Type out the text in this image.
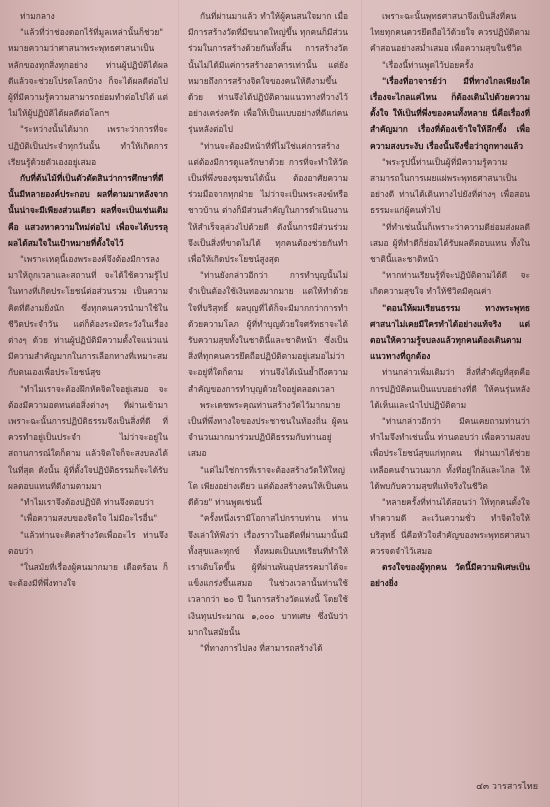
ท่ามกลาง

"แล้วที่ว่าช่องดอกไร้ที่มูลเหล่านั้นก็ช่วย" หมายความว่าศาสนาพระพุทธศาสนาเป็นหลักของทุกสิ่งทุกอย่าง ท่านผู้ปฏิบัติได้ผลดีแล้วจะช่วยโปรดโลกบ้าง ก็จะได้ผลดีต่อไป ผู้ที่มีความรู้ความสามารถย่อมทำต่อไปได้ แต่ไม่ให้ผู้ปฏิบัติได้ผลดีต่อโลกฯ

"ระหว่างนั้นได้มาก เพราะว่าการที่จะปฏิบัติเป็นประจำทุกวันนั้น ทำให้เกิดการเรียนรู้ด้วยตัวเองอยู่เสมอ

กับที่ต้นไม้ที่เป็นตัวตัดสินว่าการศึกษาที่ดีนั้นมีหลายองค์ประกอบ ผลที่ตามมาหลังจากนั้นน่าจะมีเพียงส่วนเดียว ผลที่จะเป็นเช่นเดิม คือ แสวงหาความใหม่ต่อไป เพื่อจะได้บรรลุผลได้สมใจในเป้าหมายที่ตั้งใจไว้

"เพราะเหตุนี้เองพระองค์จึงต้องมีการลงมาให้ถูกเวลาและสถานที่ จะได้ใช้ความรู้ไปในทางที่เกิดประโยชน์ต่อส่วนรวม เป็นความคิดที่ดีงามยิ่งนัก ซึ่งทุกคนควรนำมาใช้ในชีวิตประจำวัน แต่ก็ต้องระมัดระวังในเรื่องต่างๆ ด้วย ท่านผู้ปฏิบัติมีความตั้งใจแน่วแน่ มีความสำคัญมากในการเลือกทางที่เหมาะสมกับตนเองเพื่อประโยชน์สุข

"ทำไมเราจะต้องฝึกหัดจิตใจอยู่เสมอ จะต้องมีความอดทนต่อสิ่งต่างๆ ที่ผ่านเข้ามา เพราะฉะนั้นการปฏิบัติธรรมจึงเป็นสิ่งที่ดี ที่ควรทำอยู่เป็นประจำ ไม่ว่าจะอยู่ในสถานการณ์ใดก็ตาม แล้วจิตใจก็จะสงบลงได้ในที่สุด ดังนั้น ผู้ที่ตั้งใจปฏิบัติธรรมก็จะได้รับผลตอบแทนที่ดีงามตามมา

"ทำไมเราจึงต้องปฏิบัติ ท่านจึงตอบว่า

"เพื่อความสงบของจิตใจ ไม่มีอะไรอื่น"

"แล้วท่านจะคิดสร้างวัดเพื่ออะไร ท่านจึงตอบว่า

"ในสมัยที่เรื่องผู้คนมากมาย เดือดร้อน ก็จะต้องมีที่พึ่งทางใจ

กันที่ผ่านมาแล้ว ทำให้ผู้คนสนใจมาก เมื่อมีการสร้างวัดที่มีขนาดใหญ่ขึ้น ทุกคนก็มีส่วนร่วมในการสร้างด้วยกันทั้งสิ้น การสร้างวัดนั้นไม่ได้มีแค่การสร้างอาคารเท่านั้น แต่ยังหมายถึงการสร้างจิตใจของคนให้ดีงามขึ้นด้วย ท่านจึงได้ปฏิบัติตามแนวทางที่วางไว้อย่างเคร่งครัด เพื่อให้เป็นแบบอย่างที่ดีแก่คนรุ่นหลังต่อไป

"ท่านจะต้องมีหน้าที่ที่ไม่ใช่แค่การสร้าง แต่ต้องมีการดูแลรักษาด้วย การที่จะทำให้วัดเป็นที่พึ่งของชุมชนได้นั้น ต้องอาศัยความร่วมมือจากทุกฝ่าย ไม่ว่าจะเป็นพระสงฆ์หรือชาวบ้าน ต่างก็มีส่วนสำคัญในการดำเนินงานให้สำเร็จลุล่วงไปด้วยดี ดังนั้นการมีส่วนร่วมจึงเป็นสิ่งที่ขาดไม่ได้ ทุกคนต้องช่วยกันทำเพื่อให้เกิดประโยชน์สูงสุด

"ท่านยังกล่าวอีกว่า การทำบุญนั้นไม่จำเป็นต้องใช้เงินทองมากมาย แต่ให้ทำด้วยใจที่บริสุทธิ์ ผลบุญที่ได้ก็จะมีมากกว่าการทำด้วยความโลภ ผู้ที่ทำบุญด้วยใจศรัทธาจะได้รับความสุขทั้งในชาตินี้และชาติหน้า ซึ่งเป็นสิ่งที่ทุกคนควรยึดถือปฏิบัติตามอยู่เสมอไม่ว่าจะอยู่ที่ใดก็ตาม ท่านจึงได้เน้นย้ำถึงความสำคัญของการทำบุญด้วยใจอยู่ตลอดเวลา

พระเดชพระคุณท่านสร้างวัดไว้มากมาย เป็นที่พึ่งทางใจของประชาชนในท้องถิ่น ผู้คนจำนวนมากมาร่วมปฏิบัติธรรมกับท่านอยู่เสมอ

"แต่ไม่ใช่การที่เราจะต้องสร้างวัดให้ใหญ่โต เพียงอย่างเดียว แต่ต้องสร้างคนให้เป็นคนดีด้วย" ท่านพูดเช่นนี้

"ครั้งหนึ่งเรามีโอกาสไปกราบท่าน ท่านจึงเล่าให้ฟังว่า เรื่องราวในอดีตที่ผ่านมานั้นมีทั้งสุขและทุกข์ ทั้งหมดเป็นบทเรียนที่ทำให้เราเติบโตขึ้น ผู้ที่ผ่านพ้นอุปสรรคมาได้จะแข็งแกร่งขึ้นเสมอ ในช่วงเวลานั้นท่านใช้เวลากว่า ๒๐ ปี ในการสร้างวัดแห่งนี้ โดยใช้เงินทุนประมาณ ๑,๐๐๐ บาทเศษ ซึ่งนับว่ามากในสมัยนั้น

"ที่ทางการไปลง ที่สามารถสร้างได้

เพราะฉะนั้นพุทธศาสนาจึงเป็นสิ่งที่คนไทยทุกคนควรยึดถือไว้ด้วยใจ ควรปฏิบัติตามคำสอนอย่างสม่ำเสมอ เพื่อความสุขในชีวิต

"เรื่องนี้ท่านพูดไว้บ่อยครั้ง

"เรื่องที่อาจารย์ว่า มีที่ทางไกลเพียงใด เรื่องจะไกลแค่ไหน ก็ต้องเดินไปด้วยความตั้งใจ ให้เป็นที่พึ่งของคนทั้งหลาย นี่คือเรื่องที่สำคัญมาก เรื่องที่ต้องเข้าใจให้ลึกซึ้ง เพื่อความสงบระงับ เรื่องนั้นจึงชื่อว่าถูกทางแล้ว

"พระรูปนี้ท่านเป็นผู้ที่มีความรู้ความสามารถในการเผยแผ่พระพุทธศาสนาเป็นอย่างดี ท่านได้เดินทางไปยังที่ต่างๆ เพื่อสอนธรรมะแก่ผู้คนทั่วไป

"ที่ทำเช่นนั้นก็เพราะว่าความดีย่อมส่งผลดีเสมอ ผู้ที่ทำดีก็ย่อมได้รับผลดีตอบแทน ทั้งในชาตินี้และชาติหน้า

"หากท่านเรียนรู้ที่จะปฏิบัติตามได้ดี จะเกิดความสุขใจ ทำให้ชีวิตมีคุณค่า

"ตอนให้ผมเรียนธรรม ทางพระพุทธศาสนาไม่เคยมีใครทำได้อย่างแท้จริง แต่ตอนให้ความรู้จบลงแล้วทุกคนต้องเดินตามแนวทางที่ถูกต้อง

ท่านกล่าวเพิ่มเติมว่า สิ่งที่สำคัญที่สุดคือการปฏิบัติตนเป็นแบบอย่างที่ดี ให้คนรุ่นหลังได้เห็นและนำไปปฏิบัติตาม

"ท่านกล่าวอีกว่า มีคนเคยถามท่านว่าทำไมจึงทำเช่นนั้น ท่านตอบว่า เพื่อความสงบ เพื่อประโยชน์สุขแก่ทุกคน ที่ผ่านมาได้ช่วยเหลือคนจำนวนมาก ทั้งที่อยู่ใกล้และไกล ให้ได้พบกับความสุขที่แท้จริงในชีวิต

"หลายครั้งที่ท่านได้สอนว่า ให้ทุกคนตั้งใจทำความดี ละเว้นความชั่ว ทำจิตใจให้บริสุทธิ์ นี่คือหัวใจสำคัญของพระพุทธศาสนา ควรจดจำไว้เสมอ

ตรงใจของผู้ทุกคน วัดนี้มีความพิเศษเป็นอย่างยิ่ง

๔๓ วารสารไทย
